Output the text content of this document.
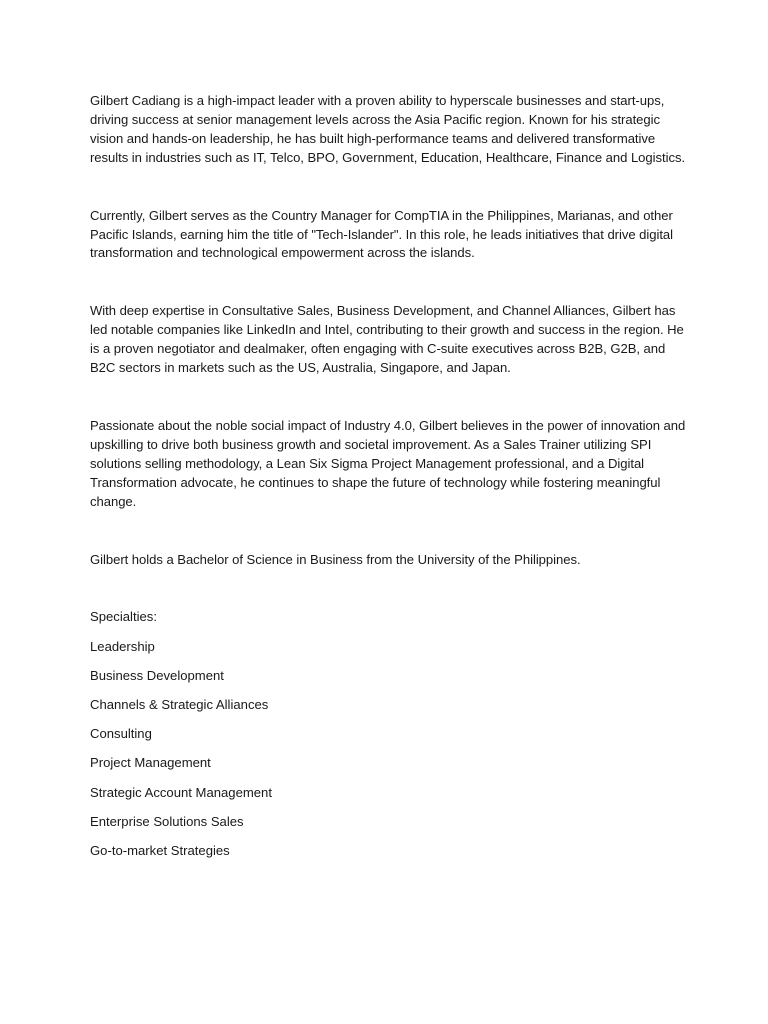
Gilbert Cadiang is a high-impact leader with a proven ability to hyperscale businesses and start-ups, driving success at senior management levels across the Asia Pacific region. Known for his strategic vision and hands-on leadership, he has built high-performance teams and delivered transformative results in industries such as IT, Telco, BPO, Government, Education, Healthcare, Finance and Logistics.

Currently, Gilbert serves as the Country Manager for CompTIA in the Philippines, Marianas, and other Pacific Islands, earning him the title of "Tech-Islander". In this role, he leads initiatives that drive digital transformation and technological empowerment across the islands.

With deep expertise in Consultative Sales, Business Development, and Channel Alliances, Gilbert has led notable companies like LinkedIn and Intel, contributing to their growth and success in the region. He is a proven negotiator and dealmaker, often engaging with C-suite executives across B2B, G2B, and B2C sectors in markets such as the US, Australia, Singapore, and Japan.

Passionate about the noble social impact of Industry 4.0, Gilbert believes in the power of innovation and upskilling to drive both business growth and societal improvement. As a Sales Trainer utilizing SPI solutions selling methodology, a Lean Six Sigma Project Management professional, and a Digital Transformation advocate, he continues to shape the future of technology while fostering meaningful change.

Gilbert holds a Bachelor of Science in Business from the University of the Philippines.

Specialties:

Leadership
Business Development
Channels & Strategic Alliances
Consulting
Project Management
Strategic Account Management
Enterprise Solutions Sales
Go-to-market Strategies
